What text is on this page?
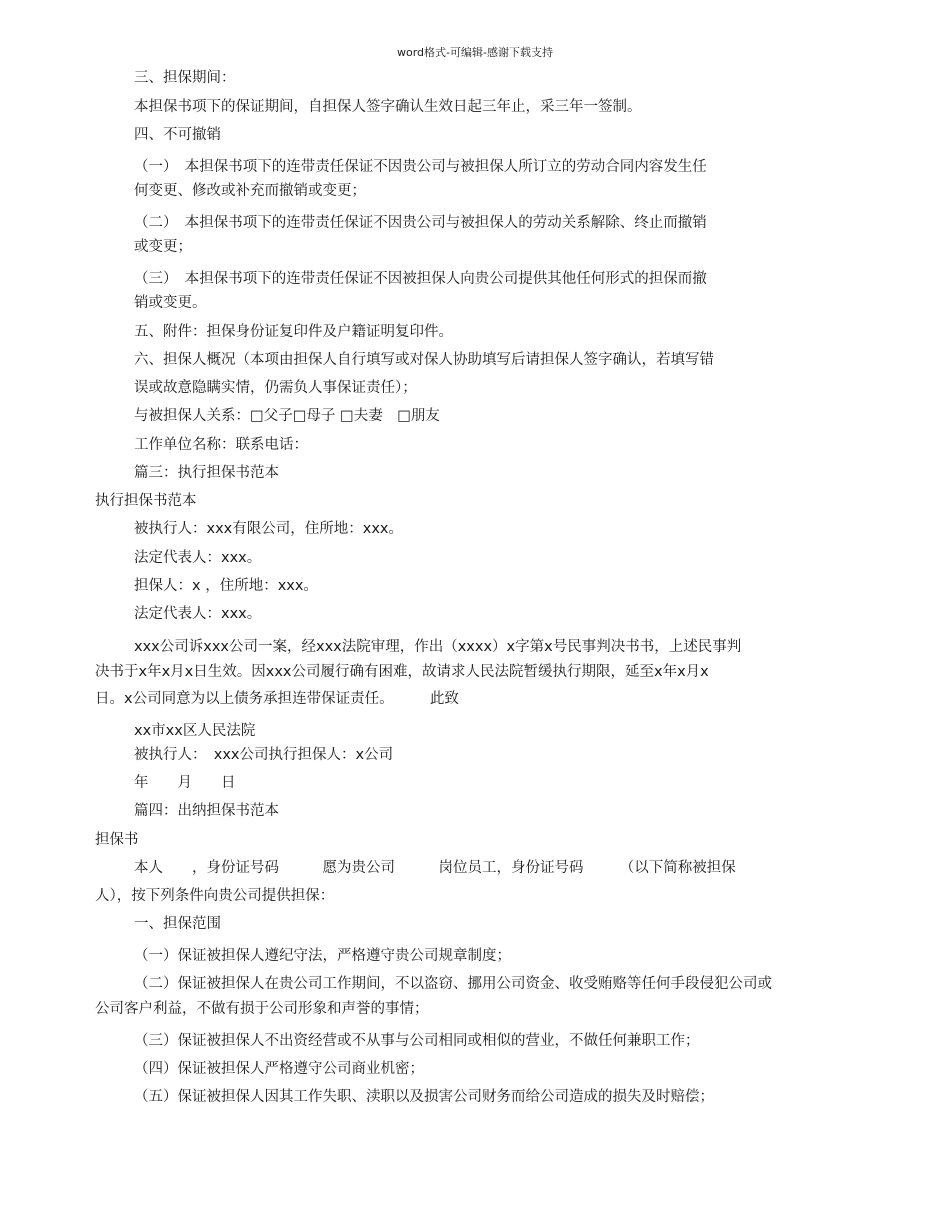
word格式-可编辑-感谢下载支持
三、担保期间：
本担保书项下的保证期间，自担保人签字确认生效日起三年止，采三年一签制。
四、不可撤销
（一）　本担保书项下的连带责任保证不因贵公司与被担保人所订立的劳动合同内容发生任
何变更、修改或补充而撤销或变更；
（二）　本担保书项下的连带责任保证不因贵公司与被担保人的劳动关系解除、终止而撤销
或变更；
（三）　本担保书项下的连带责任保证不因被担保人向贵公司提供其他任何形式的担保而撤
销或变更。
五、附件：担保身份证复印件及户籍证明复印件。
六、担保人概况（本项由担保人自行填写或对保人协助填写后请担保人签字确认，若填写错
误或故意隐瞒实情，仍需负人事保证责任）；
与被担保人关系：□父子□母子 □夫妻　□朋友
工作单位名称：联系电话：
篇三：执行担保书范本
执行担保书范本
被执行人：xxx有限公司，住所地：xxx。
法定代表人：xxx。
担保人：x ，住所地：xxx。
法定代表人：xxx。
xxx公司诉xxx公司一案，经xxx法院审理，作出（xxxx）x字第x号民事判决书书，上述民事判
决书于x年x月x日生效。因xxx公司履行确有困难，故请求人民法院暂缓执行期限，延至x年x月x
日。x公司同意为以上债务承担连带保证责任。　　　此致
xx市xx区人民法院
被执行人：　xxx公司执行担保人：x公司
年　　月　　日
篇四：出纳担保书范本
担保书
本人　　，身份证号码　　　愿为贵公司　　　岗位员工，身份证号码　　　（以下简称被担保
人），按下列条件向贵公司提供担保：
一、担保范围
（一）保证被担保人遵纪守法，严格遵守贵公司规章制度；
（二）保证被担保人在贵公司工作期间，不以盗窃、挪用公司资金、收受贿赂等任何手段侵犯公司或
公司客户利益，不做有损于公司形象和声誉的事情；
（三）保证被担保人不出资经营或不从事与公司相同或相似的营业，不做任何兼职工作；
（四）保证被担保人严格遵守公司商业机密；
（五）保证被担保人因其工作失职、渎职以及损害公司财务而给公司造成的损失及时赔偿；
